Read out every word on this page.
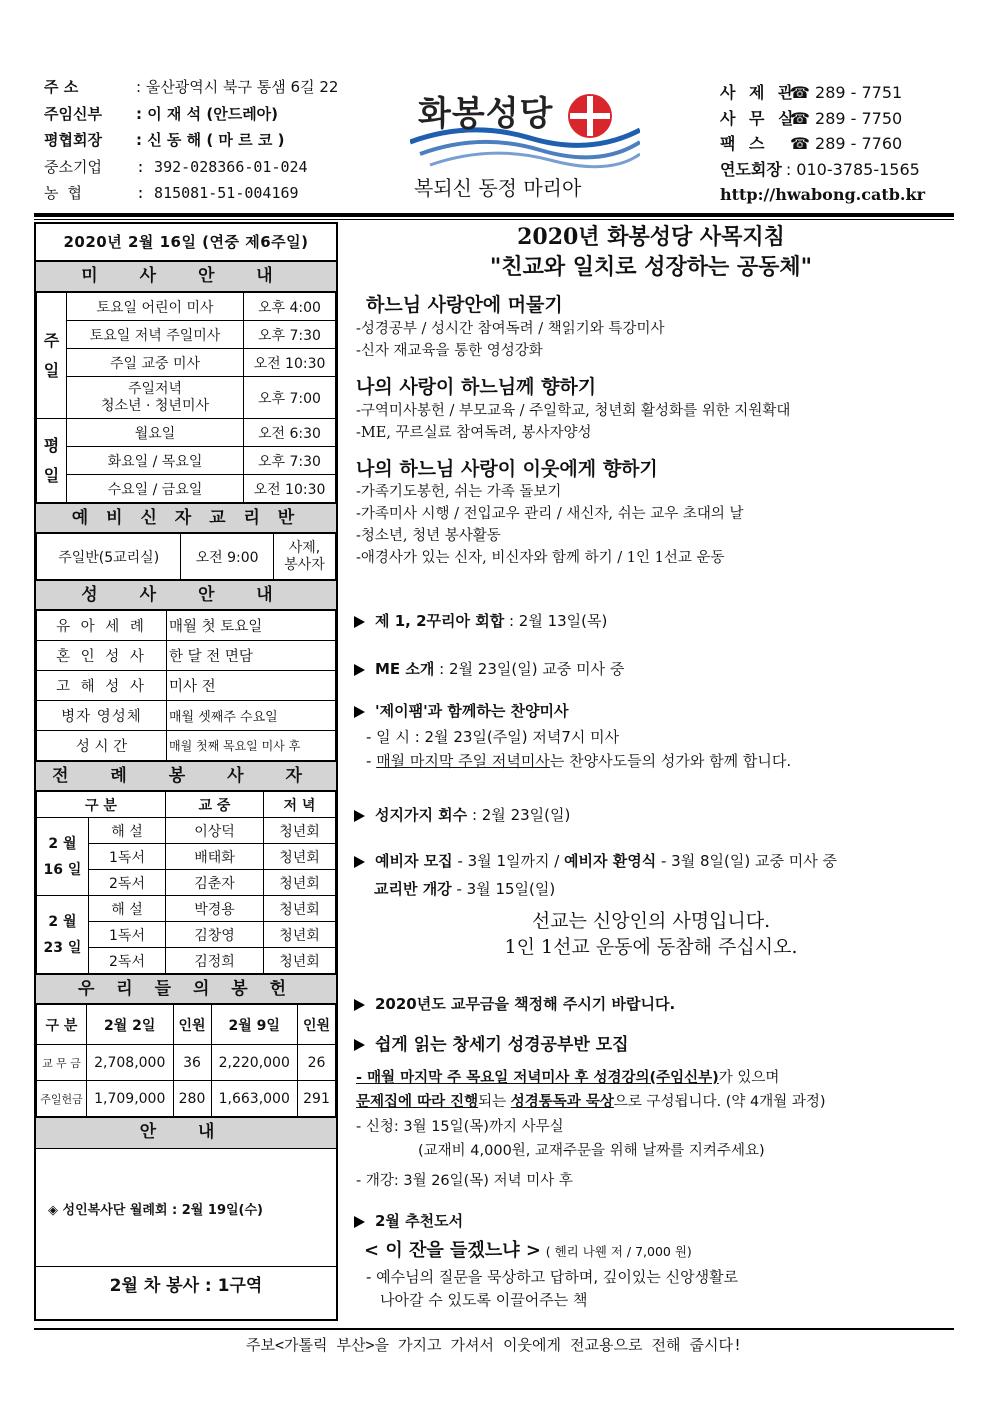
주 소	: 울산광역시 북구 통샘 6길 22
주임신부	: 이 재 석 (안드레아)
평협회장	: 신 동 해 ( 마 르 코 )
중소기업	: 392-028366-01-024
농 협	: 815081-51-004169
화봉성당
복되신 동정 마리아
사 제 관☎ 289 - 7751
사 무 실☎ 289 - 7750
팩 스 ☎ 289 - 7760
연도회장 : 010-3785-1565
http://hwabong.catb.kr
2020년 2월 16일 (연중 제6주일)
미 사 안 내
주
일	토요일 어린이 미사	오후 4:00
	토요일 저녁 주일미사	오후 7:30
	주일 교중 미사	오전 10:30
	주일저녁
청소년 · 청년미사	오후 7:00
평
일	월요일	오전 6:30
	화요일 / 목요일	오후 7:30
	수요일 / 금요일	오전 10:30
예 비 신 자 교 리 반
주일반(5교리실)	오전 9:00	사제,
봉사자
성 사 안 내
유 아 세 례	매월 첫 토요일
혼 인 성 사	한 달 전 면담
고 해 성 사	미사 전
병자 영성체	매월 셋째주 수요일
성 시 간	매월 첫째 목요일 미사 후
전 례 봉 사 자
구 분		교 중	저 녁
2 월
16 일	해 설	이상덕	청년회
	1독서	배태화	청년회
	2독서	김춘자	청년회
2 월
23 일	해 설	박경용	청년회
	1독서	김창영	청년회
	2독서	김정희	청년회
우 리 들 의 봉 헌
구 분	2월 2일	인원	2월 9일	인원
교 무 금	2,708,000	36	2,220,000	26
주일헌금	1,709,000	280	1,663,000	291
안 내
◈ 성인복사단 월례회 : 2월 19일(수)
2월 차 봉사 : 1구역
2020년 화봉성당 사목지침
"친교와 일치로 성장하는 공동체"
하느님 사랑안에 머물기
-성경공부 / 성시간 참여독려 / 책읽기와 특강미사
-신자 재교육을 통한 영성강화
나의 사랑이 하느님께 향하기
-구역미사봉헌 / 부모교육 / 주일학교, 청년회 활성화를 위한 지원확대
-ME, 꾸르실료 참여독려, 봉사자양성
나의 하느님 사랑이 이웃에게 향하기
-가족기도봉헌, 쉬는 가족 돌보기
-가족미사 시행 / 전입교우 관리 / 새신자, 쉬는 교우 초대의 날
-청소년, 청년 봉사활동
-애경사가 있는 신자, 비신자와 함께 하기 / 1인 1선교 운동
제 1, 2꾸리아 회합 : 2월 13일(목)
ME 소개 : 2월 23일(일) 교중 미사 중
'제이팸'과 함께하는 찬양미사
- 일 시 : 2월 23일(주일) 저녁7시 미사
- 매월 마지막 주일 저녁미사는 찬양사도들의 성가와 함께 합니다.
성지가지 회수 : 2월 23일(일)
예비자 모집 - 3월 1일까지 / 예비자 환영식 - 3월 8일(일) 교중 미사 중
교리반 개강 - 3월 15일(일)
선교는 신앙인의 사명입니다.
1인 1선교 운동에 동참해 주십시오.
2020년도 교무금을 책정해 주시기 바랍니다.
쉽게 읽는 창세기 성경공부반 모집
- 매월 마지막 주 목요일 저녁미사 후 성경강의(주임신부)가 있으며
문제집에 따라 진행되는 성경통독과 묵상으로 구성됩니다. (약 4개월 과정)
- 신청: 3월 15일(목)까지 사무실
(교재비 4,000원, 교재주문을 위해 날짜를 지켜주세요)
- 개강: 3월 26일(목) 저녁 미사 후
2월 추천도서
< 이 잔을 들겠느냐 > ( 헨리 나웬 저 / 7,000 원)
- 예수님의 질문을 묵상하고 답하며, 깊이있는 신앙생활로
나아갈 수 있도록 이끌어주는 책
주보<가톨릭 부산>을 가지고 가셔서 이웃에게 전교용으로 전해 줍시다!
